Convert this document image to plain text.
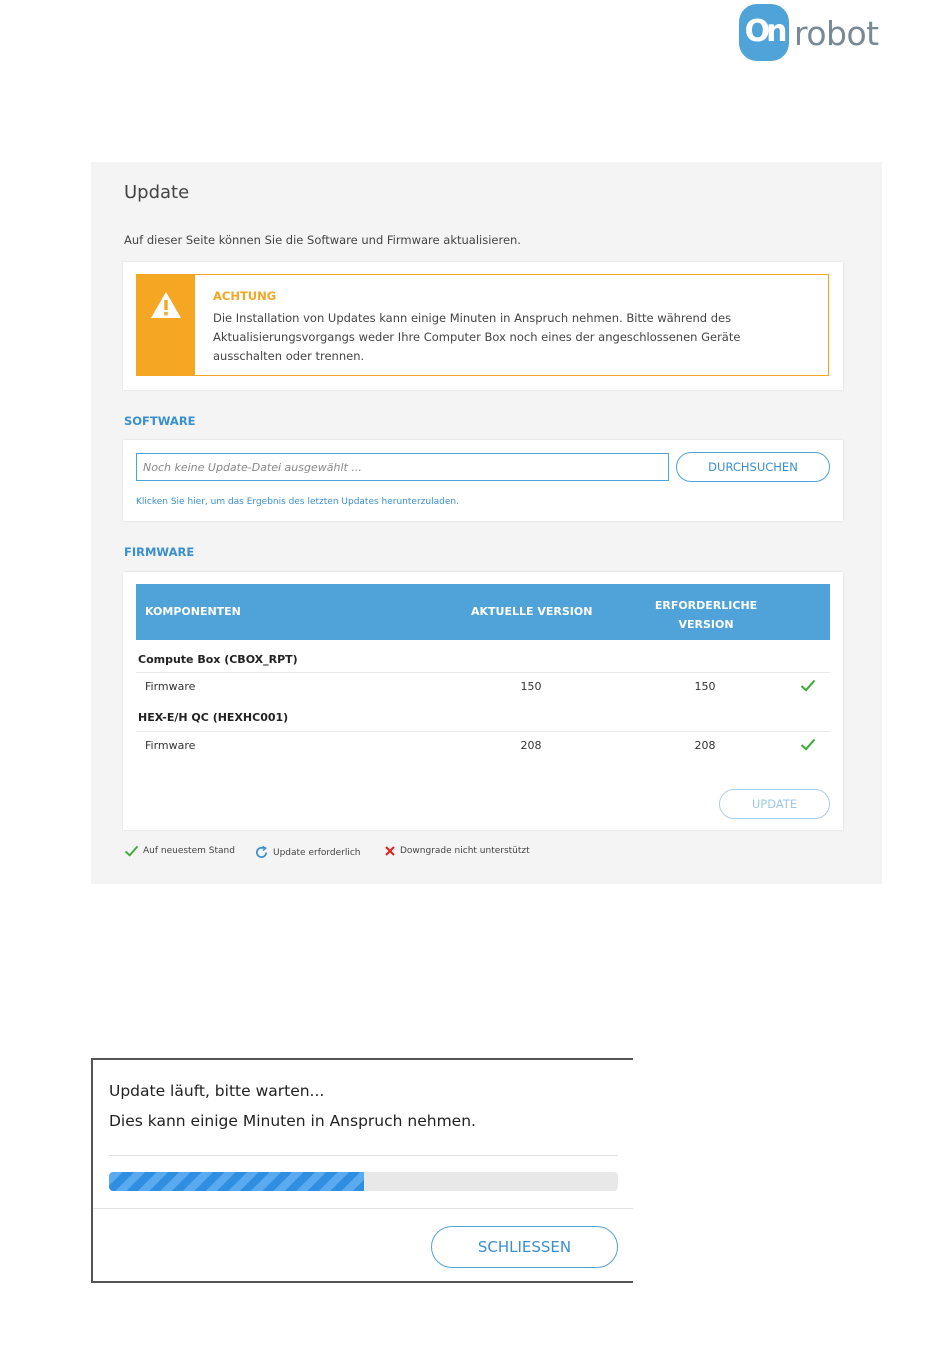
On robot
Update
Auf dieser Seite können Sie die Software und Firmware aktualisieren.
ACHTUNG
Die Installation von Updates kann einige Minuten in Anspruch nehmen. Bitte während des Aktualisierungsvorgangs weder Ihre Computer Box noch eines der angeschlossenen Geräte ausschalten oder trennen.
SOFTWARE
Noch keine Update-Datei ausgewählt ...
DURCHSUCHEN
Klicken Sie hier, um das Ergebnis des letzten Updates herunterzuladen.
FIRMWARE
KOMPONENTEN	AKTUELLE VERSION	ERFORDERLICHE VERSION
Compute Box (CBOX_RPT)
Firmware	150	150
HEX-E/H QC (HEXHC001)
Firmware	208	208
UPDATE
Auf neuestem Stand	Update erforderlich	Downgrade nicht unterstützt
Update läuft, bitte warten...
Dies kann einige Minuten in Anspruch nehmen.
SCHLIESSEN
